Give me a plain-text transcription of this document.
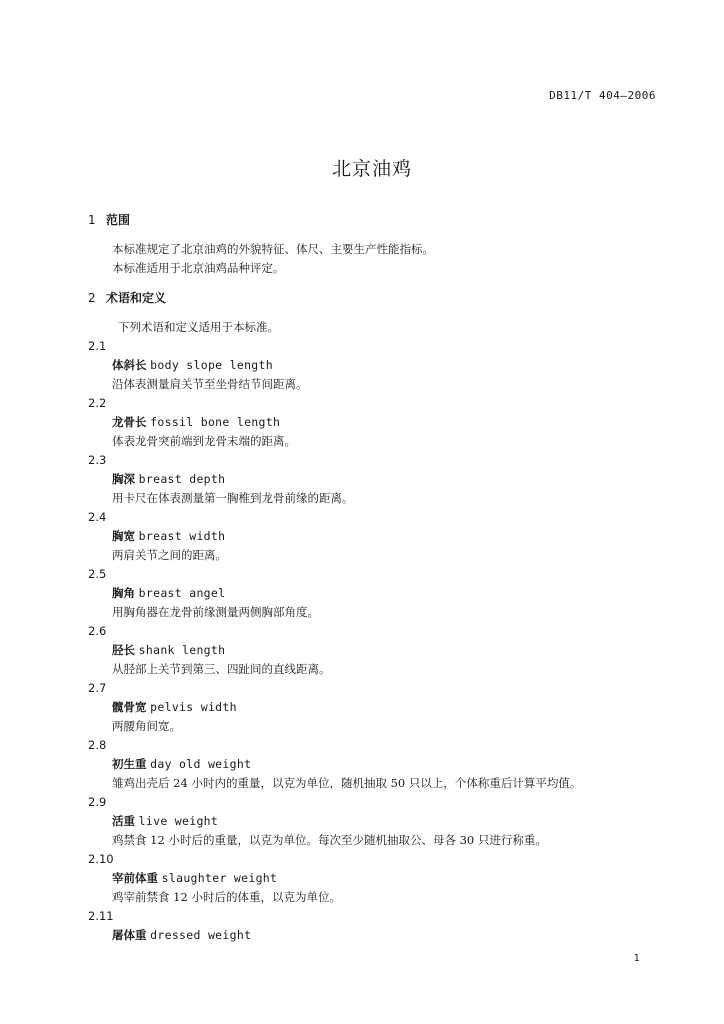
DB11/T 404—2006
北京油鸡
1 范围
本标准规定了北京油鸡的外貌特征、体尺、主要生产性能指标。
本标准适用于北京油鸡品种评定。
2 术语和定义
下列术语和定义适用于本标准。
2.1
体斜长 body slope length
沿体表测量肩关节至坐骨结节间距离。
2.2
龙骨长 fossil bone length
体表龙骨突前端到龙骨末端的距离。
2.3
胸深 breast depth
用卡尺在体表测量第一胸椎到龙骨前缘的距离。
2.4
胸宽 breast width
两肩关节之间的距离。
2.5
胸角 breast angel
用胸角器在龙骨前缘测量两侧胸部角度。
2.6
胫长 shank length
从胫部上关节到第三、四趾间的直线距离。
2.7
髋骨宽 pelvis width
两腰角间宽。
2.8
初生重 day old weight
雏鸡出壳后 24 小时内的重量，以克为单位，随机抽取 50 只以上，个体称重后计算平均值。
2.9
活重 live weight
鸡禁食 12 小时后的重量，以克为单位。每次至少随机抽取公、母各 30 只进行称重。
2.10
宰前体重 slaughter weight
鸡宰前禁食 12 小时后的体重，以克为单位。
2.11
屠体重 dressed weight
1
